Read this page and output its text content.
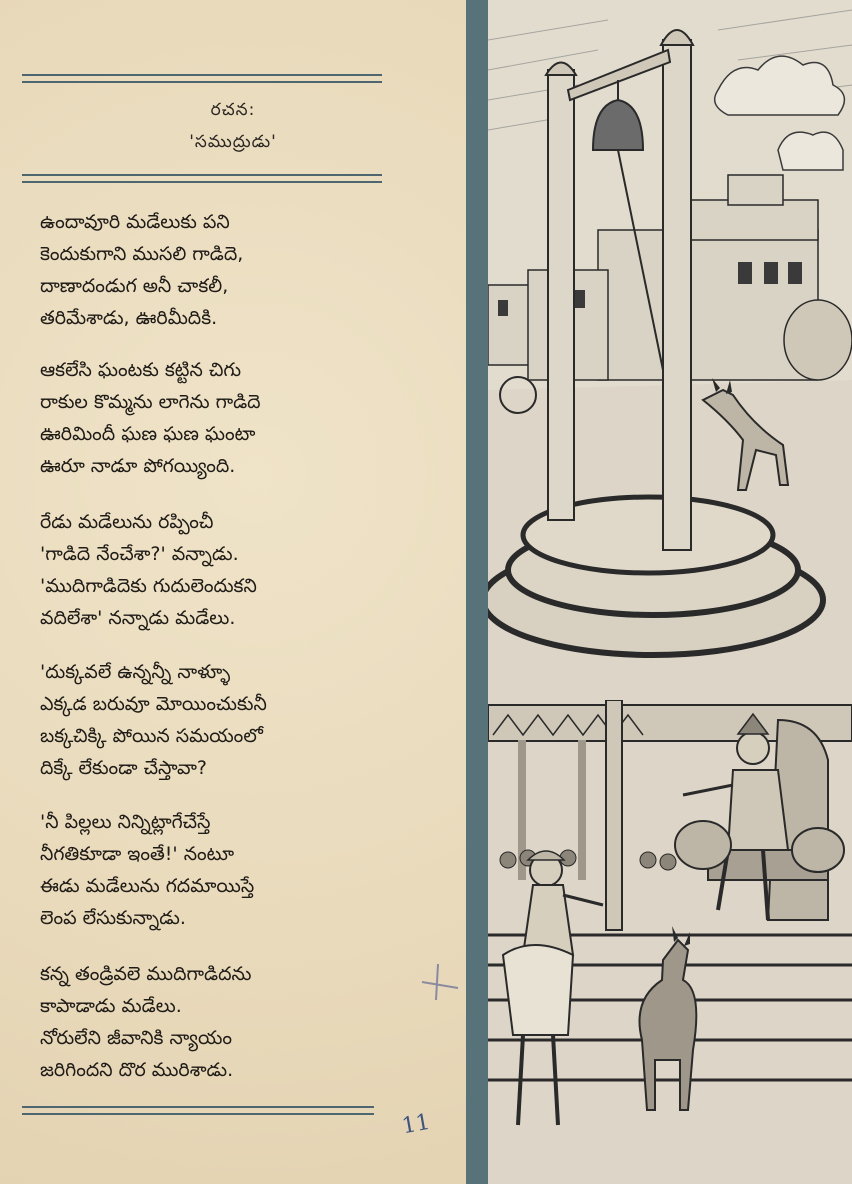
రచన:
'సముద్రుడు'
ఉందావూరి మడేలుకు పని
కెందుకుగాని ముసలి గాడిదె,
దాణాదండుగ అనీ చాకలీ,
తరిమేశాడు, ఊరిమీదికి.
ఆకలేసి ఘంటకు కట్టిన చిగు
రాకుల కొమ్మను లాగెను గాడిదె
ఊరిమిందీ ఘణ ఘణ ఘంటా
ఊరూ నాడూ పోగయ్యింది.
రేడు మడేలును రప్పించీ
'గాడిదె నేంచేశా?' వన్నాడు.
'ముదిగాడిదెకు గుదులెందుకని
వదిలేశా' నన్నాడు మడేలు.
'దుక్కవలే ఉన్నన్నీ నాళ్ళూ
ఎక్కడ బరువూ మోయించుకునీ
బక్కచిక్కి పోయిన సమయంలో
దిక్కే లేకుండా చేస్తావా?
'నీ పిల్లలు నిన్నిట్లాగేచేస్తే
నీగతికూడా ఇంతే!' నంటూ
ఈడు మడేలును గదమాయిస్తే
లెంప లేసుకున్నాడు.
కన్న తండ్రివలె ముదిగాడిదను
కాపాడాడు మడేలు.
నోరులేని జీవానికి న్యాయం
జరిగిందని దొర మురిశాడు.
11
